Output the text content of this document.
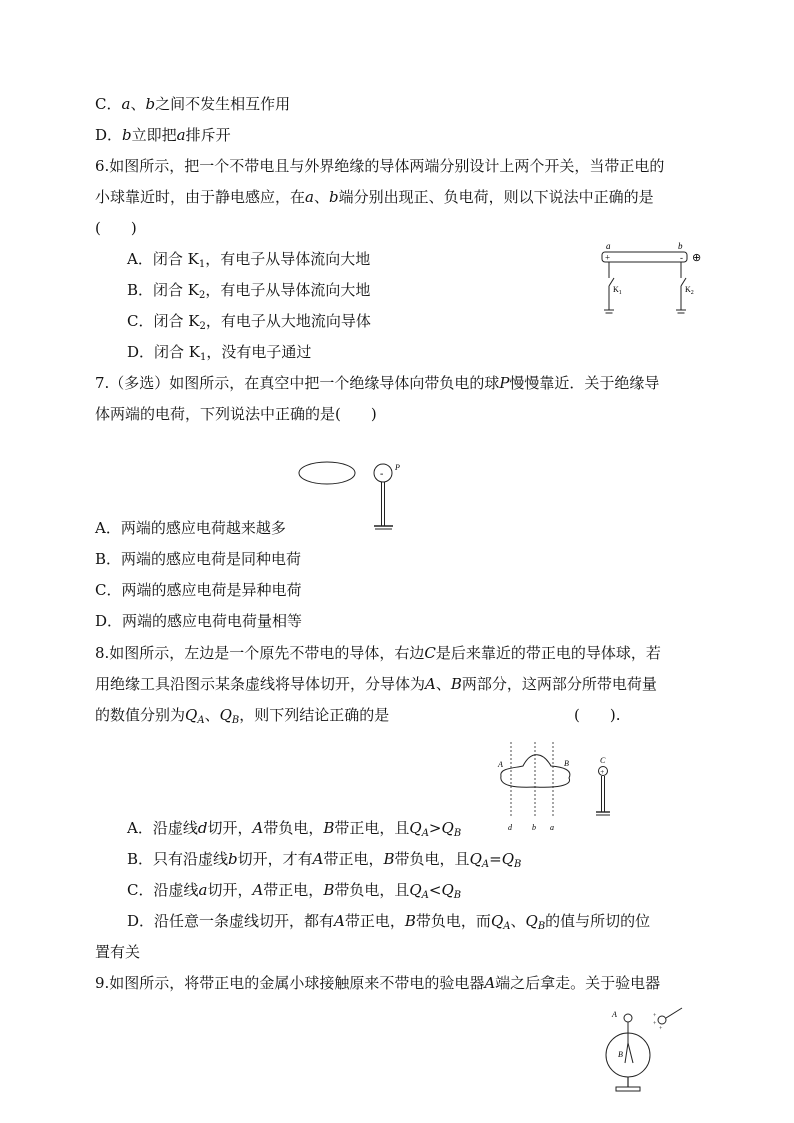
C．a、b之间不发生相互作用
D．b立即把a排斥开
6.如图所示，把一个不带电且与外界绝缘的导体两端分别设计上两个开关，当带正电的
小球靠近时，由于静电感应，在a、b端分别出现正、负电荷，则以下说法中正确的是
(　　)
A．闭合 $K_1$，有电子从导体流向大地
B．闭合 $K_2$，有电子从导体流向大地
C．闭合 $K_2$，有电子从大地流向导体
D．闭合 $K_1$，没有电子通过
a	b
+	- ⊕
$K_1$	$K_2$
7.（多选）如图所示，在真空中把一个绝缘导体向带负电的球P慢慢靠近．关于绝缘导
体两端的电荷，下列说法中正确的是(　　)
-
P
A．两端的感应电荷越来越多
B．两端的感应电荷是同种电荷
C．两端的感应电荷是异种电荷
D．两端的感应电荷电荷量相等
8.如图所示，左边是一个原先不带电的导体，右边C是后来靠近的带正电的导体球，若
用绝缘工具沿图示某条虚线将导体切开，分导体为A、B两部分，这两部分所带电荷量
的数值分别为$Q_A$、$Q_B$，则下列结论正确的是	(　　).
A	B
d	b a
C
+
A．沿虚线d切开，A带负电，B带正电，且$Q_A>Q_B$
B．只有沿虚线b切开，才有A带正电，B带负电，且$Q_A=Q_B$
C．沿虚线a切开，A带正电，B带负电，且$Q_A<Q_B$
D．沿任意一条虚线切开，都有A带正电，B带负电，而$Q_A$、$Q_B$的值与所切的位
置有关
9.如图所示，将带正电的金属小球接触原来不带电的验电器A端之后拿走。关于验电器
A
B
+
+
+
